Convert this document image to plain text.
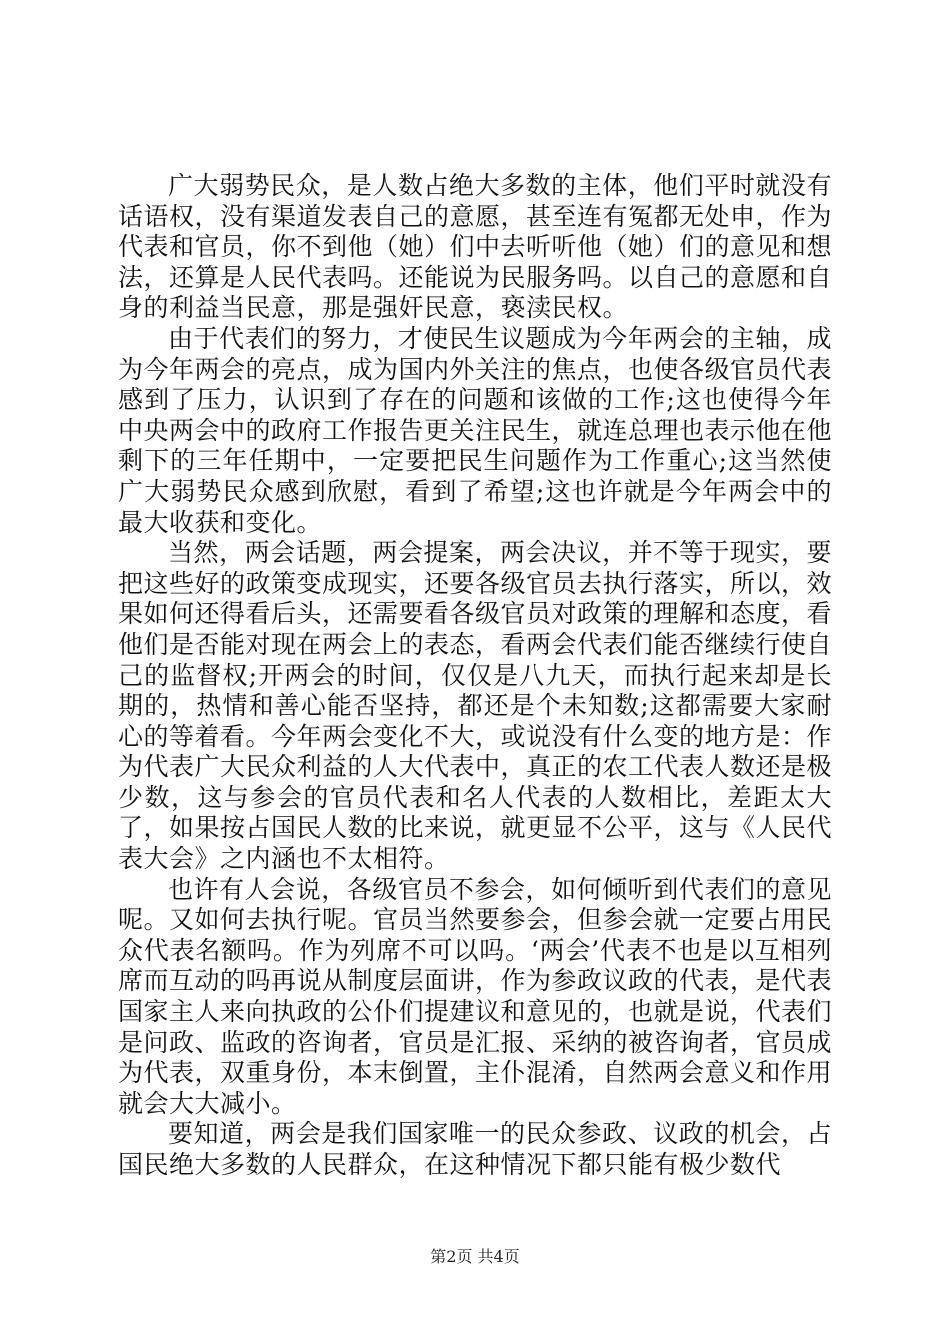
广大弱势民众，是人数占绝大多数的主体，他们平时就没有话语权，没有渠道发表自己的意愿，甚至连有冤都无处申，作为代表和官员，你不到他（她）们中去听听他（她）们的意见和想法，还算是人民代表吗。还能说为民服务吗。以自己的意愿和自身的利益当民意，那是强奸民意，亵渎民权。

由于代表们的努力，才使民生议题成为今年两会的主轴，成为今年两会的亮点，成为国内外关注的焦点，也使各级官员代表感到了压力，认识到了存在的问题和该做的工作;这也使得今年中央两会中的政府工作报告更关注民生，就连总理也表示他在他剩下的三年任期中，一定要把民生问题作为工作重心;这当然使广大弱势民众感到欣慰，看到了希望;这也许就是今年两会中的最大收获和变化。

当然，两会话题，两会提案，两会决议，并不等于现实，要把这些好的政策变成现实，还要各级官员去执行落实，所以，效果如何还得看后头，还需要看各级官员对政策的理解和态度，看他们是否能对现在两会上的表态，看两会代表们能否继续行使自己的监督权;开两会的时间，仅仅是八九天，而执行起来却是长期的，热情和善心能否坚持，都还是个未知数;这都需要大家耐心的等着看。今年两会变化不大，或说没有什么变的地方是：作为代表广大民众利益的人大代表中，真正的农工代表人数还是极少数，这与参会的官员代表和名人代表的人数相比，差距太大了，如果按占国民人数的比来说，就更显不公平，这与《人民代表大会》之内涵也不太相符。

也许有人会说，各级官员不参会，如何倾听到代表们的意见呢。又如何去执行呢。官员当然要参会，但参会就一定要占用民众代表名额吗。作为列席不可以吗。‘两会’代表不也是以互相列席而互动的吗再说从制度层面讲，作为参政议政的代表，是代表国家主人来向执政的公仆们提建议和意见的，也就是说，代表们是问政、监政的咨询者，官员是汇报、采纳的被咨询者，官员成为代表，双重身份，本末倒置，主仆混淆，自然两会意义和作用就会大大减小。

要知道，两会是我们国家唯一的民众参政、议政的机会，占国民绝大多数的人民群众，在这种情况下都只能有极少数代

第2页 共4页
